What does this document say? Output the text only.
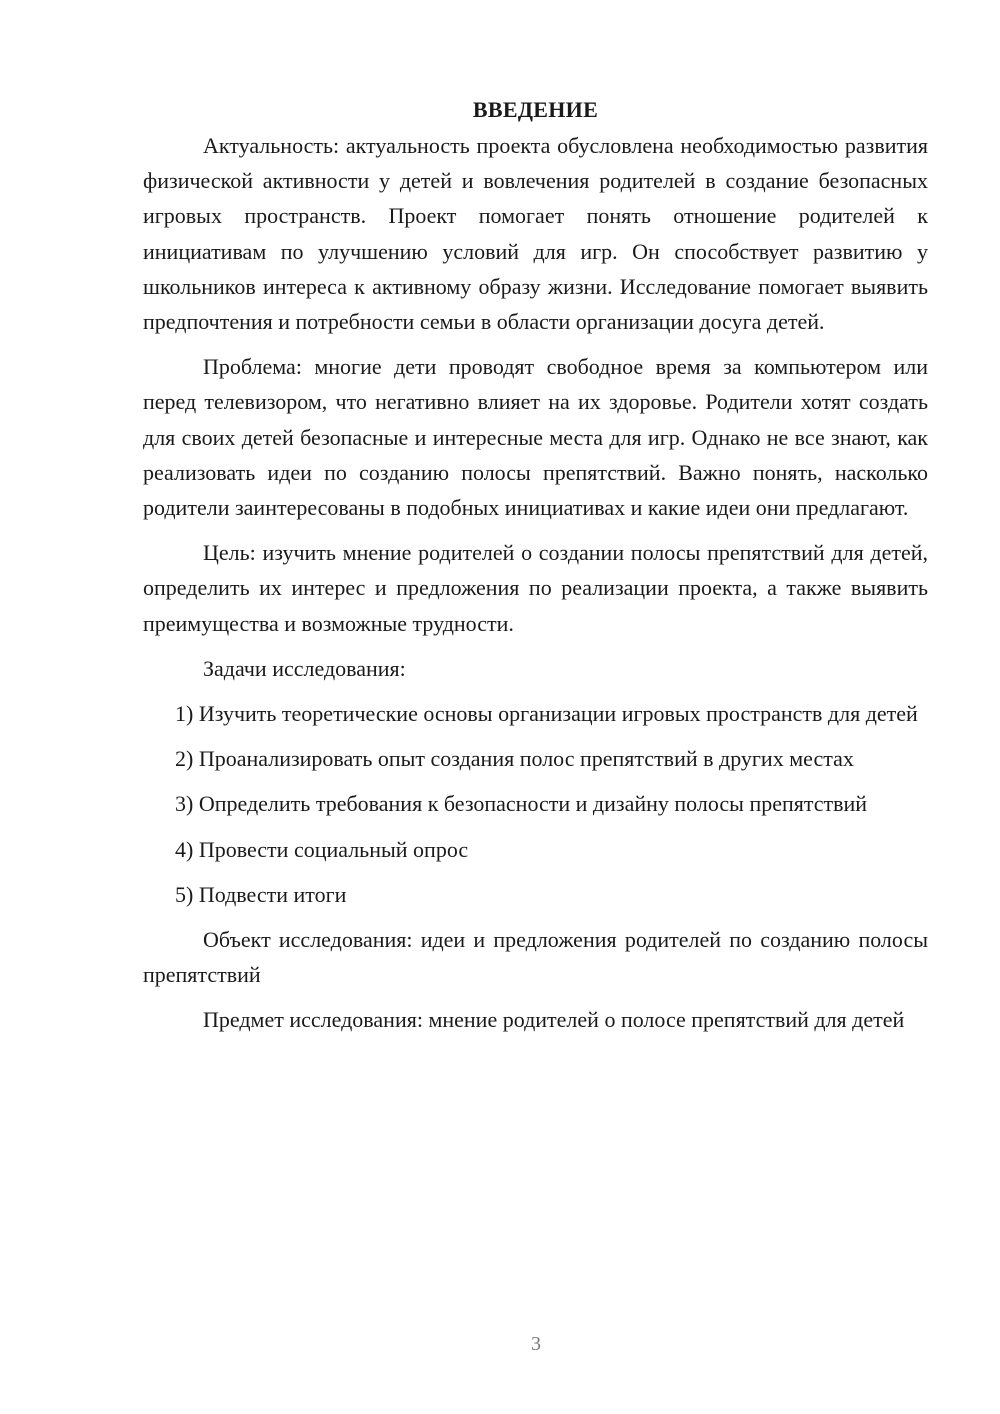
ВВЕДЕНИЕ

Актуальность: актуальность проекта обусловлена необходимостью развития физической активности у детей и вовлечения родителей в создание безопасных игровых пространств. Проект помогает понять отношение родителей к инициативам по улучшению условий для игр. Он способствует развитию у школьников интереса к активному образу жизни. Исследование помогает выявить предпочтения и потребности семьи в области организации досуга детей.

Проблема: многие дети проводят свободное время за компьютером или перед телевизором, что негативно влияет на их здоровье. Родители хотят создать для своих детей безопасные и интересные места для игр. Однако не все знают, как реализовать идеи по созданию полосы препятствий. Важно понять, насколько родители заинтересованы в подобных инициативах и какие идеи они предлагают.

Цель: изучить мнение родителей о создании полосы препятствий для детей, определить их интерес и предложения по реализации проекта, а также выявить преимущества и возможные трудности.

Задачи исследования:

1) Изучить теоретические основы организации игровых пространств для детей

2) Проанализировать опыт создания полос препятствий в других местах

3) Определить требования к безопасности и дизайну полосы препятствий

4) Провести социальный опрос

5) Подвести итоги

Объект исследования: идеи и предложения родителей по созданию полосы препятствий

Предмет исследования: мнение родителей о полосе препятствий для детей

3
